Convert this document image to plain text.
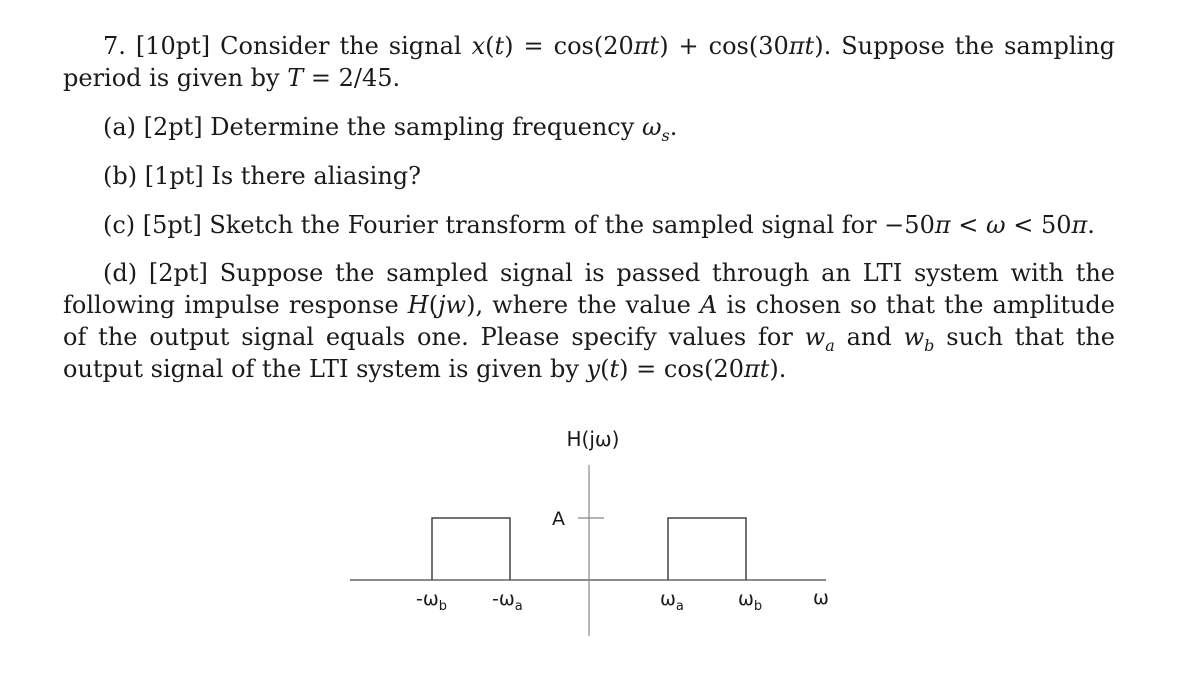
7. [10pt] Consider the signal x(t) = cos(20πt) + cos(30πt). Suppose the sampling period is given by T = 2/45.

(a) [2pt] Determine the sampling frequency $\omega_s$.

(b) [1pt] Is there aliasing?

(c) [5pt] Sketch the Fourier transform of the sampled signal for −50π < ω < 50π.

(d) [2pt] Suppose the sampled signal is passed through an LTI system with the following impulse response H(jw), where the value A is chosen so that the amplitude of the output signal equals one. Please specify values for $w_a$ and $w_b$ such that the output signal of the LTI system is given by y(t) = cos(20πt).

H(jω)
A
$-\omega_b$ $-\omega_a$	$\omega_a$	$\omega_b$	ω
